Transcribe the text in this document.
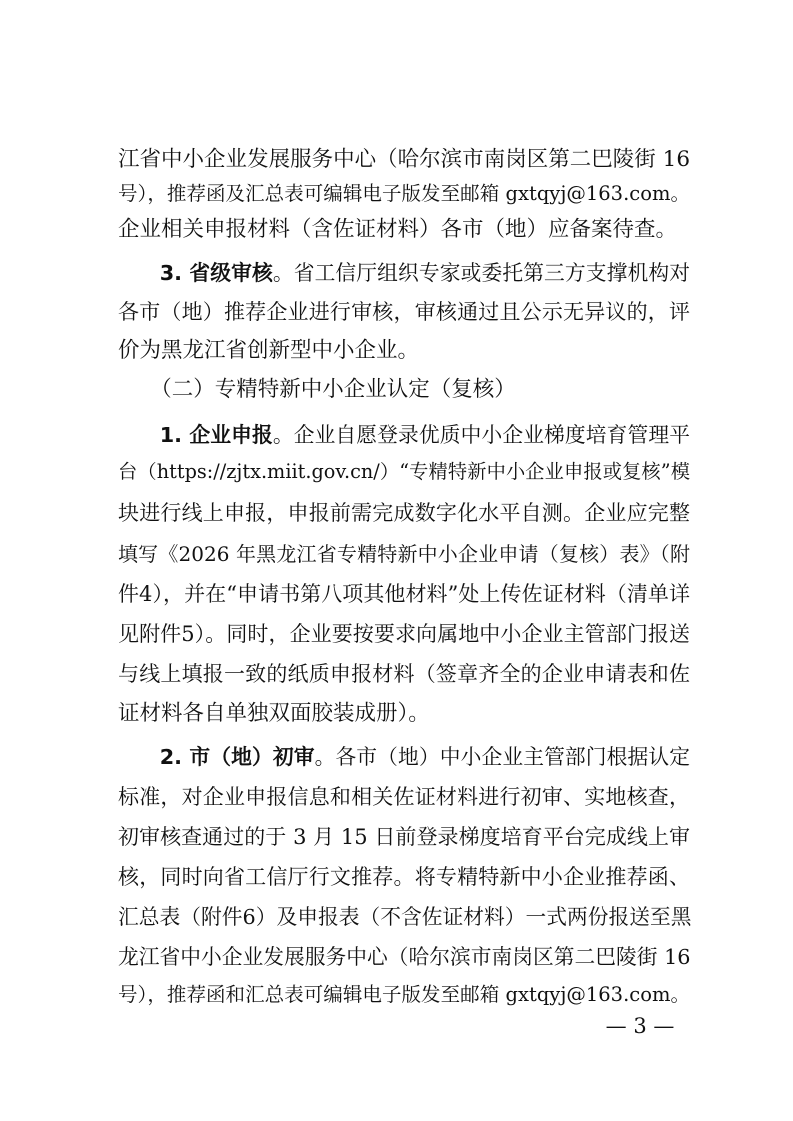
江省中小企业发展服务中心（哈尔滨市南岗区第二巴陵街 16
号），推荐函及汇总表可编辑电子版发至邮箱 gxtqyj@163.com。
企业相关申报材料（含佐证材料）各市（地）应备案待查。
　　3. 省级审核。省工信厅组织专家或委托第三方支撑机构对
各市（地）推荐企业进行审核，审核通过且公示无异议的，评
价为黑龙江省创新型中小企业。
　　（二）专精特新中小企业认定（复核）
　　1. 企业申报。企业自愿登录优质中小企业梯度培育管理平
台（https://zjtx.miit.gov.cn/）“专精特新中小企业申报或复核”模
块进行线上申报，申报前需完成数字化水平自测。企业应完整
填写《2026 年黑龙江省专精特新中小企业申请（复核）表》（附
件4），并在“申请书第八项其他材料”处上传佐证材料（清单详
见附件5）。同时，企业要按要求向属地中小企业主管部门报送
与线上填报一致的纸质申报材料（签章齐全的企业申请表和佐
证材料各自单独双面胶装成册）。
　　2. 市（地）初审。各市（地）中小企业主管部门根据认定
标准，对企业申报信息和相关佐证材料进行初审、实地核查，
初审核查通过的于 3 月 15 日前登录梯度培育平台完成线上审
核，同时向省工信厅行文推荐。将专精特新中小企业推荐函、
汇总表（附件6）及申报表（不含佐证材料）一式两份报送至黑
龙江省中小企业发展服务中心（哈尔滨市南岗区第二巴陵街 16
号），推荐函和汇总表可编辑电子版发至邮箱 gxtqyj@163.com。
— 3 —
